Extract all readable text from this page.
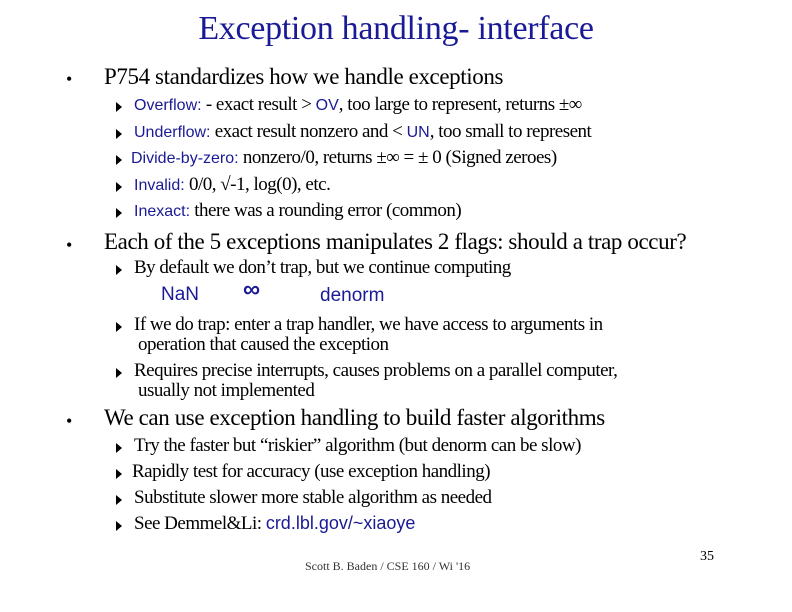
Exception handling- interface
• P754 standardizes how we handle exceptions
Overflow: - exact result > OV, too large to represent, returns ±∞
Underflow: exact result nonzero and < UN, too small to represent
Divide-by-zero: nonzero/0, returns ±∞ = ± 0 (Signed zeroes)
Invalid: 0/0, √-1, log(0), etc.
Inexact: there was a rounding error (common)
• Each of the 5 exceptions manipulates 2 flags: should a trap occur?
By default we don’t trap, but we continue computing
NaN ∞	denorm
If we do trap: enter a trap handler, we have access to arguments in
operation that caused the exception
Requires precise interrupts, causes problems on a parallel computer,
usually not implemented
• We can use exception handling to build faster algorithms
Try the faster but “riskier” algorithm (but denorm can be slow)
Rapidly test for accuracy (use exception handling)
Substitute slower more stable algorithm as needed
See Demmel&Li: crd.lbl.gov/~xiaoye
Scott B. Baden / CSE 160 / Wi '16
35
